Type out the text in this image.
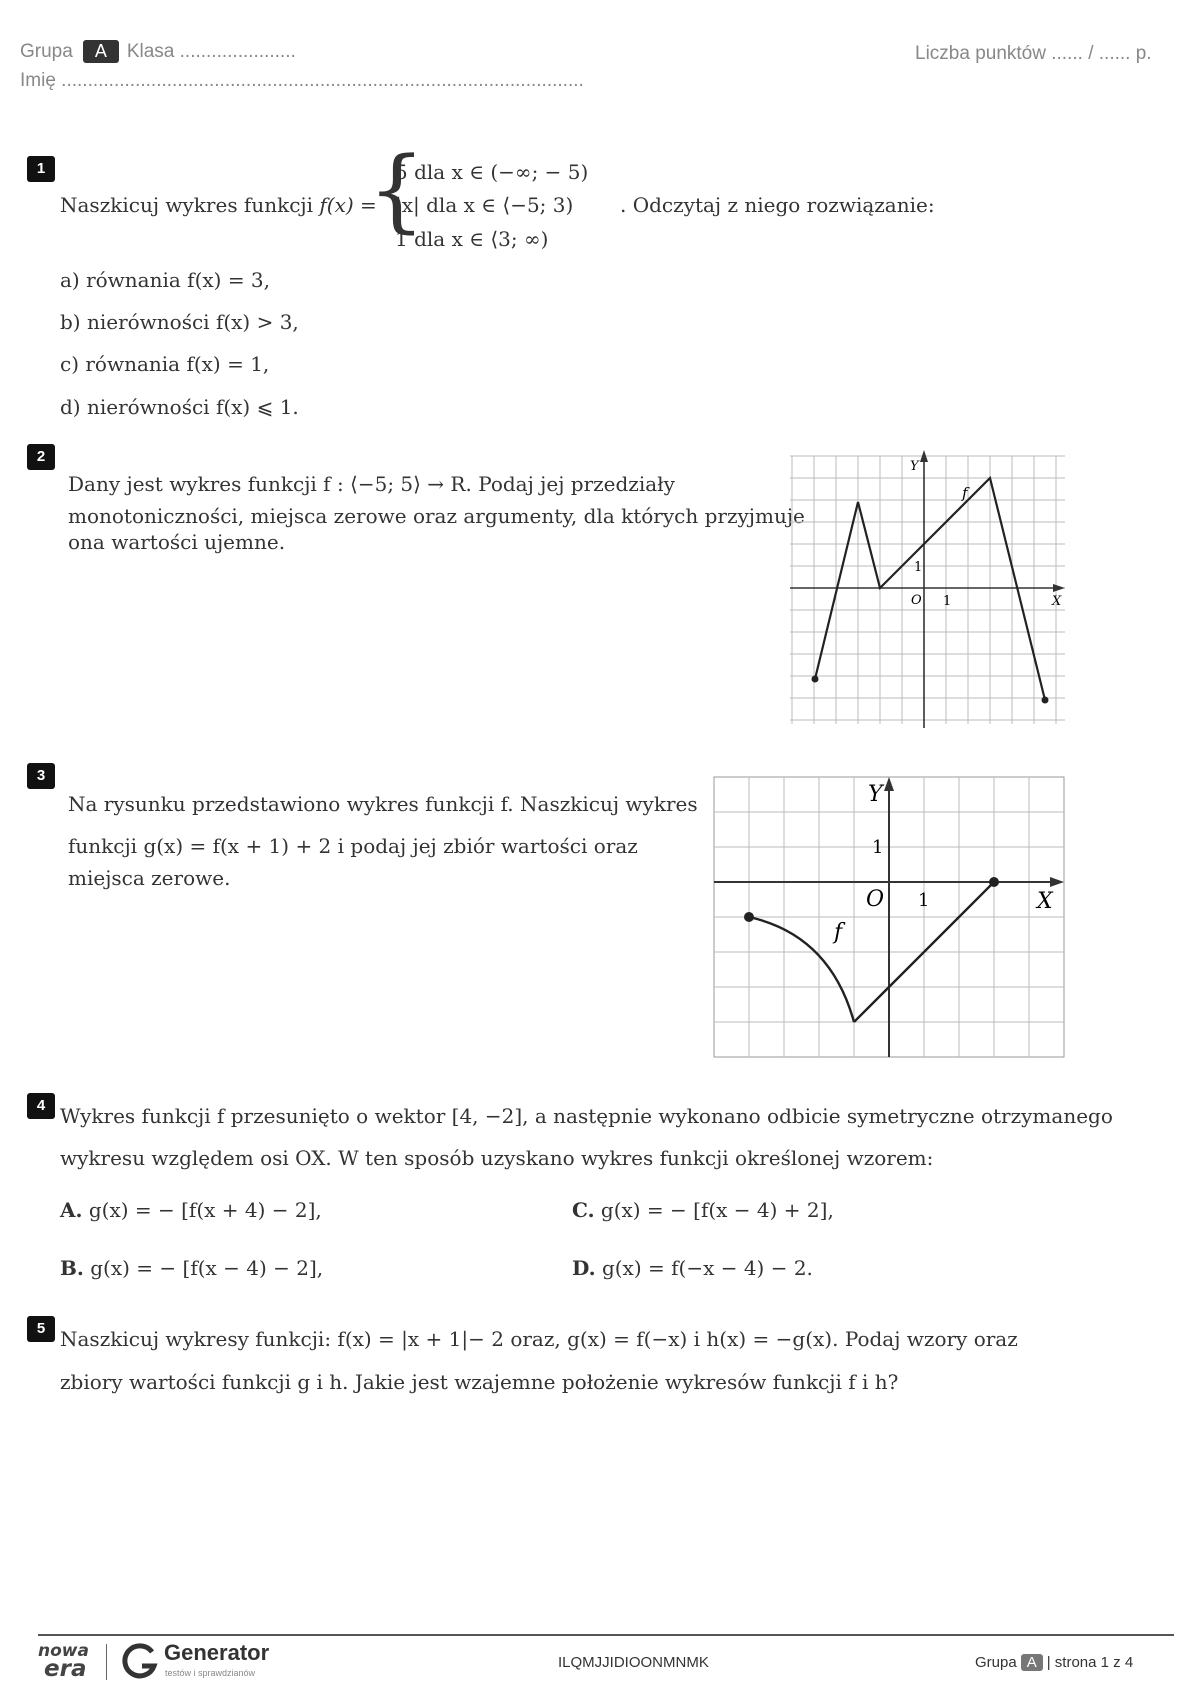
Grupa A Klasa ......................
Imię ...................................................................................................
Liczba punktów ...... / ...... p.
1
Naszkicuj wykres funkcji f(x) =
{
5 dla x ∈ (−∞; − 5)
|x| dla x ∈ ⟨−5; 3)
1 dla x ∈ ⟨3; ∞)
. Odczytaj z niego rozwiązanie:
a) równania f(x) = 3,
b) nierówności f(x) > 3,
c) równania f(x) = 1,
d) nierówności f(x) ⩽ 1.
2
Dany jest wykres funkcji f : ⟨−5; 5⟩ → R. Podaj jej przedziały
monotoniczności, miejsca zerowe oraz argumenty, dla których przyjmuje
ona wartości ujemne.
Y
X
O 1
1
f
3
Na rysunku przedstawiono wykres funkcji f. Naszkicuj wykres
funkcji g(x) = f(x + 1) + 2 i podaj jej zbiór wartości oraz
miejsca zerowe.
Y
X
O 1
1
f
4 Wykres funkcji f przesunięto o wektor [4, −2], a następnie wykonano odbicie symetryczne otrzymanego
wykresu względem osi OX. W ten sposób uzyskano wykres funkcji określonej wzorem:
A. g(x) = − [f(x + 4) − 2],
B. g(x) = − [f(x − 4) − 2],
C. g(x) = − [f(x − 4) + 2],
D. g(x) = f(−x − 4) − 2.
5 Naszkicuj wykresy funkcji: f(x) = |x + 1|− 2 oraz, g(x) = f(−x) i h(x) = −g(x). Podaj wzory oraz
zbiory wartości funkcji g i h. Jakie jest wzajemne położenie wykresów funkcji f i h?
nowa
era
Generator
testów i sprawdzianów
ILQMJJIDIOONMNMK	Grupa A | strona 1 z 4
